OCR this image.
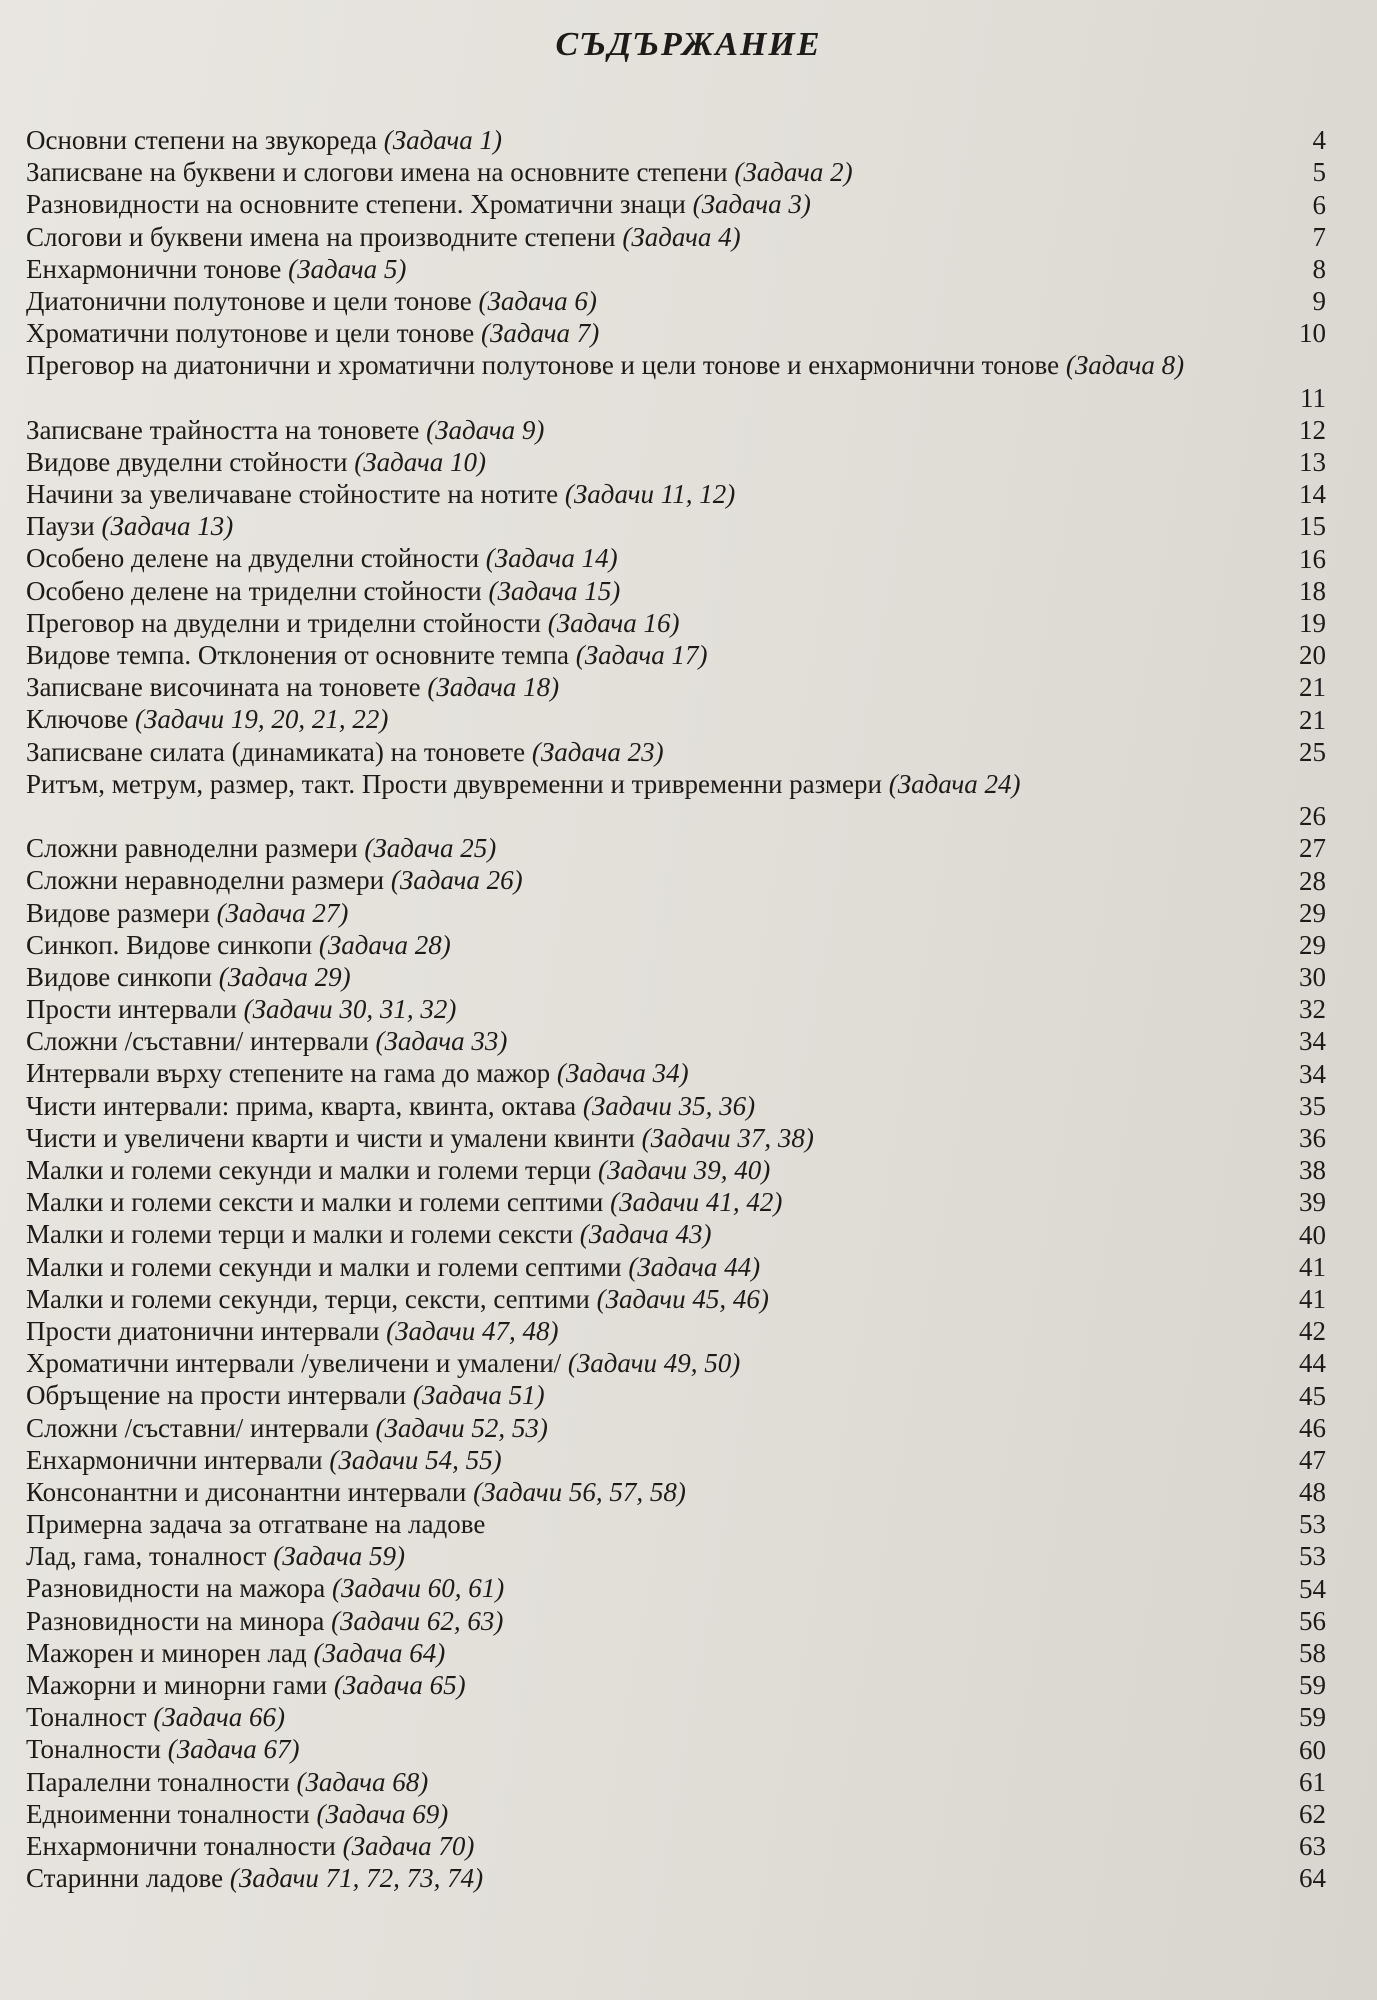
СЪДЪРЖАНИЕ
Основни степени на звукореда (Задача 1)	4
Записване на буквени и слогови имена на основните степени (Задача 2)	5
Разновидности на основните степени. Хроматични знаци (Задача 3)	6
Слогови и буквени имена на производните степени (Задача 4)	7
Енхармонични тонове (Задача 5)	8
Диатонични полутонове и цели тонове (Задача 6)	9
Хроматични полутонове и цели тонове (Задача 7)	10
Преговор на диатонични и хроматични полутонове и цели тонове и енхармонични тонове (Задача 8)
11
Записване трайността на тоновете (Задача 9)	12
Видове двуделни стойности (Задача 10)	13
Начини за увеличаване стойностите на нотите (Задачи 11, 12)	14
Паузи (Задача 13)	15
Особено делене на двуделни стойности (Задача 14)	16
Особено делене на триделни стойности (Задача 15)	18
Преговор на двуделни и триделни стойности (Задача 16)	19
Видове темпа. Отклонения от основните темпа (Задача 17)	20
Записване височината на тоновете (Задача 18)	21
Ключове (Задачи 19, 20, 21, 22)	21
Записване силата (динамиката) на тоновете (Задача 23)	25
Ритъм, метрум, размер, такт. Прости двувременни и тривременни размери (Задача 24)
26
Сложни равноделни размери (Задача 25)	27
Сложни неравноделни размери (Задача 26)	28
Видове размери (Задача 27)	29
Синкоп. Видове синкопи (Задача 28)	29
Видове синкопи (Задача 29)	30
Прости интервали (Задачи 30, 31, 32)	32
Сложни /съставни/ интервали (Задача 33)	34
Интервали върху степените на гама до мажор (Задача 34)	34
Чисти интервали: прима, кварта, квинта, октава (Задачи 35, 36)	35
Чисти и увеличени кварти и чисти и умалени квинти (Задачи 37, 38)	36
Малки и големи секунди и малки и големи терци (Задачи 39, 40)	38
Малки и големи сексти и малки и големи септими (Задачи 41, 42)	39
Малки и големи терци и малки и големи сексти (Задача 43)	40
Малки и големи секунди и малки и големи септими (Задача 44)	41
Малки и големи секунди, терци, сексти, септими (Задачи 45, 46)	41
Прости диатонични интервали (Задачи 47, 48)	42
Хроматични интервали /увеличени и умалени/ (Задачи 49, 50)	44
Обръщение на прости интервали (Задача 51)	45
Сложни /съставни/ интервали (Задачи 52, 53)	46
Енхармонични интервали (Задачи 54, 55)	47
Консонантни и дисонантни интервали (Задачи 56, 57, 58)	48
Примерна задача за отгатване на ладове	53
Лад, гама, тоналност (Задача 59)	53
Разновидности на мажора (Задачи 60, 61)	54
Разновидности на минора (Задачи 62, 63)	56
Мажорен и минорен лад (Задача 64)	58
Мажорни и минорни гами (Задача 65)	59
Тоналност (Задача 66)	59
Тоналности (Задача 67)	60
Паралелни тоналности (Задача 68)	61
Едноименни тоналности (Задача 69)	62
Енхармонични тоналности (Задача 70)	63
Старинни ладове (Задачи 71, 72, 73, 74)	64
